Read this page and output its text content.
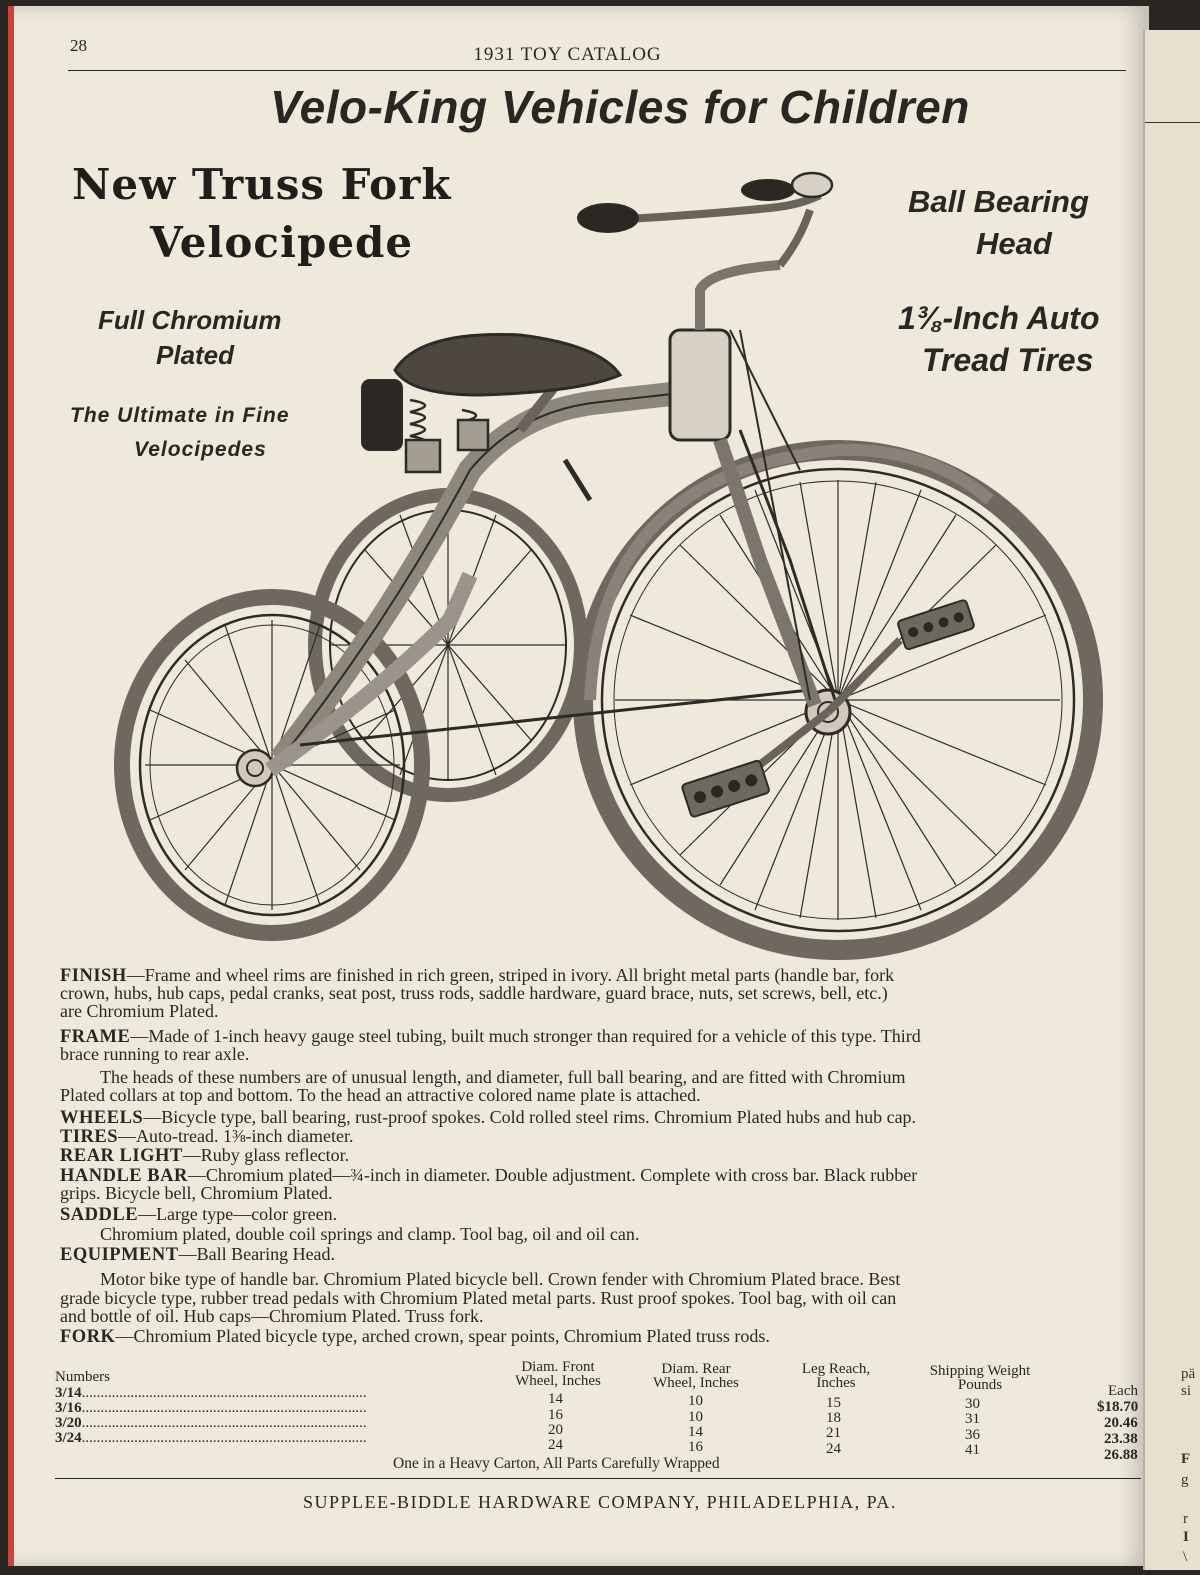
pä
si
F
g
r
I
\
28	1931 TOY CATALOG
Velo-King Vehicles for Children
New Truss Fork
Velocipede
Full Chromium
Plated
The Ultimate in Fine
Velocipedes
Ball Bearing
Head
1⅜-Inch Auto
Tread Tires
FINISH—Frame and wheel rims are finished in rich green, striped in ivory. All bright metal parts (handle bar, fork
crown, hubs, hub caps, pedal cranks, seat post, truss rods, saddle hardware, guard brace, nuts, set screws, bell, etc.)
are Chromium Plated.
FRAME—Made of 1-inch heavy gauge steel tubing, built much stronger than required for a vehicle of this type. Third
brace running to rear axle.
The heads of these numbers are of unusual length, and diameter, full ball bearing, and are fitted with Chromium
Plated collars at top and bottom. To the head an attractive colored name plate is attached.
WHEELS—Bicycle type, ball bearing, rust-proof spokes. Cold rolled steel rims. Chromium Plated hubs and hub cap.
TIRES—Auto-tread. 1⅜-inch diameter.
REAR LIGHT—Ruby glass reflector.
HANDLE BAR—Chromium plated—¾-inch in diameter. Double adjustment. Complete with cross bar. Black rubber
grips. Bicycle bell, Chromium Plated.
SADDLE—Large type—color green.
Chromium plated, double coil springs and clamp. Tool bag, oil and oil can.
EQUIPMENT—Ball Bearing Head.
Motor bike type of handle bar. Chromium Plated bicycle bell. Crown fender with Chromium Plated brace. Best
grade bicycle type, rubber tread pedals with Chromium Plated metal parts. Rust proof spokes. Tool bag, with oil can
and bottle of oil. Hub caps—Chromium Plated. Truss fork.
FORK—Chromium Plated bicycle type, arched crown, spear points, Chromium Plated truss rods.
Numbers
Diam. Front
Wheel, Inches
Diam. Rear
Wheel, Inches
Leg Reach,
Inches
Shipping Weight
Pounds	Each
3/14............................................................................
3/16............................................................................
3/20............................................................................
3/24............................................................................
14
16
20
24
10
10
14
16
15
18
21
24
30
31
36
41
$18.70
20.46
23.38
26.88
One in a Heavy Carton, All Parts Carefully Wrapped
SUPPLEE-BIDDLE HARDWARE COMPANY, PHILADELPHIA, PA.
